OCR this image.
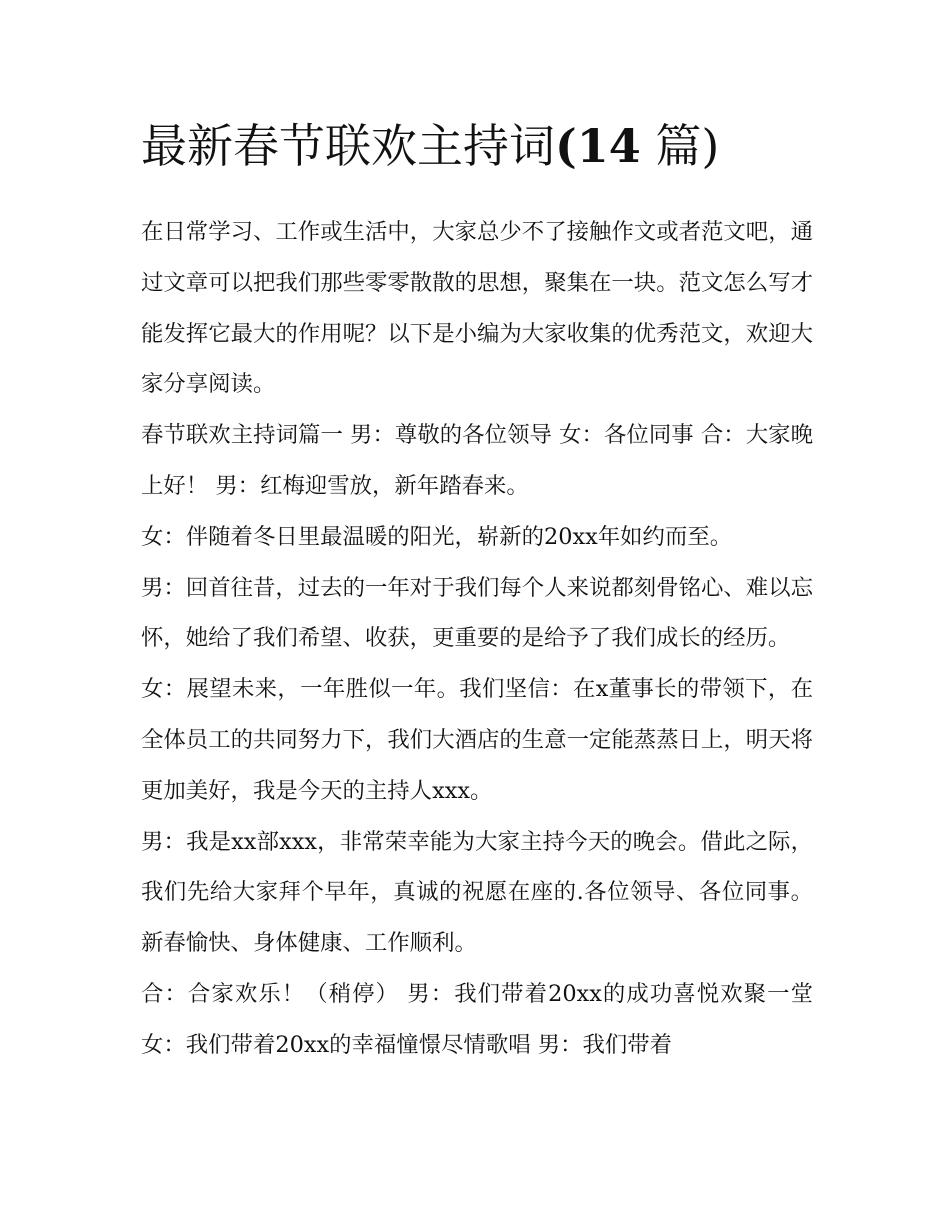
最新春节联欢主持词(14 篇)

在日常学习、工作或生活中，大家总少不了接触作文或者范文吧，通过文章可以把我们那些零零散散的思想，聚集在一块。范文怎么写才能发挥它最大的作用呢？以下是小编为大家收集的优秀范文，欢迎大家分享阅读。

春节联欢主持词篇一 男：尊敬的各位领导 女：各位同事 合：大家晚上好！ 男：红梅迎雪放，新年踏春来。

女：伴随着冬日里最温暖的阳光，崭新的20xx年如约而至。

男：回首往昔，过去的一年对于我们每个人来说都刻骨铭心、难以忘怀，她给了我们希望、收获，更重要的是给予了我们成长的经历。

女：展望未来，一年胜似一年。我们坚信：在x董事长的带领下，在全体员工的共同努力下，我们大酒店的生意一定能蒸蒸日上，明天将更加美好，我是今天的主持人xxx。

男：我是xx部xxx，非常荣幸能为大家主持今天的晚会。借此之际，我们先给大家拜个早年，真诚的祝愿在座的.各位领导、各位同事。新春愉快、身体健康、工作顺利。

合：合家欢乐！（稍停） 男：我们带着20xx的成功喜悦欢聚一堂 女：我们带着20xx的幸福憧憬尽情歌唱 男：我们带着
